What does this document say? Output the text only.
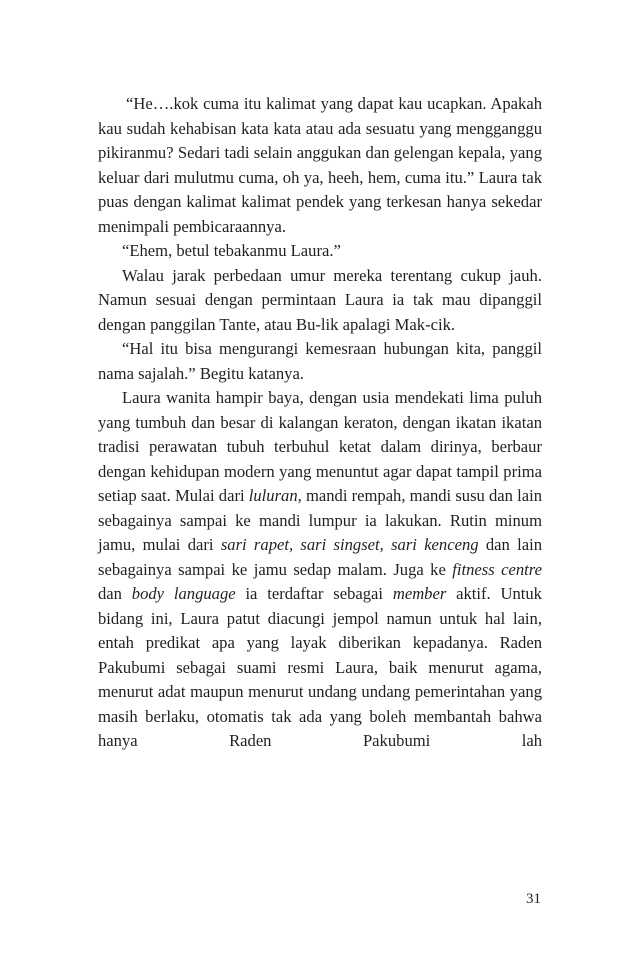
“He….kok cuma itu kalimat yang dapat kau ucapkan. Apakah kau sudah kehabisan kata kata atau ada sesuatu yang mengganggu pikiranmu? Sedari tadi selain anggukan dan gelengan kepala, yang keluar dari mulutmu cuma, oh ya, heeh, hem, cuma itu.” Laura tak puas dengan kalimat kalimat pendek yang terkesan hanya sekedar menimpali pembicaraannya.

“Ehem, betul tebakanmu Laura.”

Walau jarak perbedaan umur mereka terentang cukup jauh. Namun sesuai dengan permintaan Laura ia tak mau dipanggil dengan panggilan Tante, atau Bu-lik apalagi Mak-cik.

“Hal itu bisa mengurangi kemesraan hubungan kita, panggil nama sajalah.” Begitu katanya.

Laura wanita hampir baya, dengan usia mendekati lima puluh yang tumbuh dan besar di kalangan keraton, dengan ikatan ikatan tradisi perawatan tubuh terbuhul ketat dalam dirinya, berbaur dengan kehidupan modern yang menuntut agar dapat tampil prima setiap saat. Mulai dari luluran, mandi rempah, mandi susu dan lain sebagainya sampai ke mandi lumpur ia lakukan. Rutin minum jamu, mulai dari sari rapet, sari singset, sari kenceng dan lain sebagainya sampai ke jamu sedap malam. Juga ke fitness centre dan body language ia terdaftar sebagai member aktif. Untuk bidang ini, Laura patut diacungi jempol namun untuk hal lain, entah predikat apa yang layak diberikan kepadanya. Raden Pakubumi sebagai suami resmi Laura, baik menurut agama, menurut adat maupun menurut undang undang pemerintahan yang masih berlaku, otomatis tak ada yang boleh membantah bahwa hanya Raden Pakubumi lah

31
